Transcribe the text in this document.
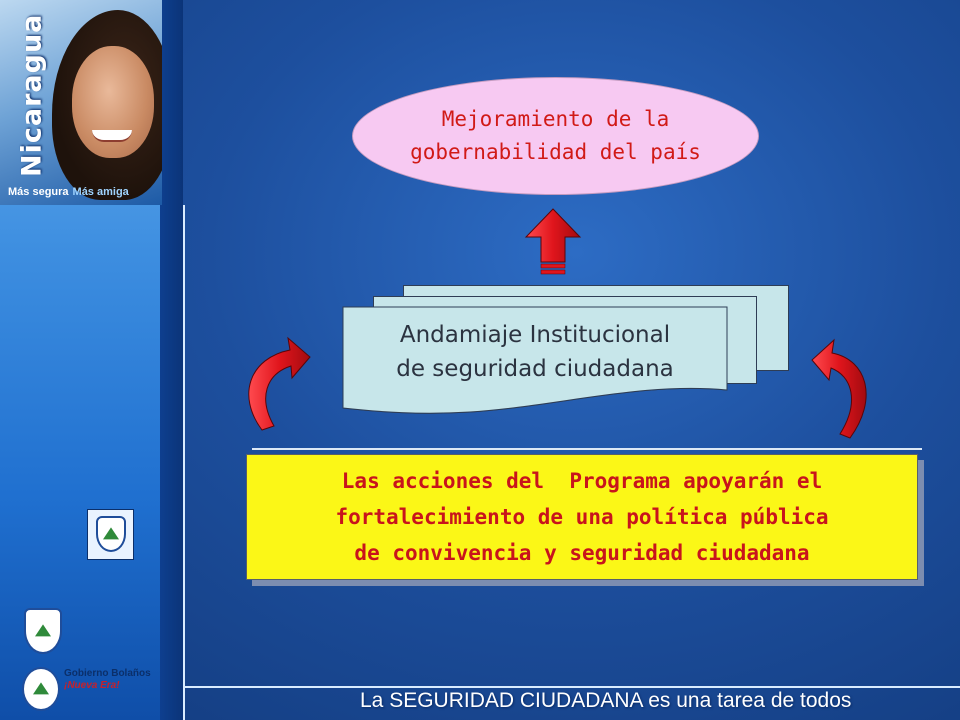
Nicaragua
Más segura Más amiga
Gobierno Bolaños
¡Nueva Era!
La SEGURIDAD CIUDADANA es una tarea de todos
Mejoramiento de la
gobernabilidad del país
Andamiaje Institucional
de seguridad ciudadana
Las acciones del  Programa apoyarán el
fortalecimiento de una política pública
de convivencia y seguridad ciudadana
